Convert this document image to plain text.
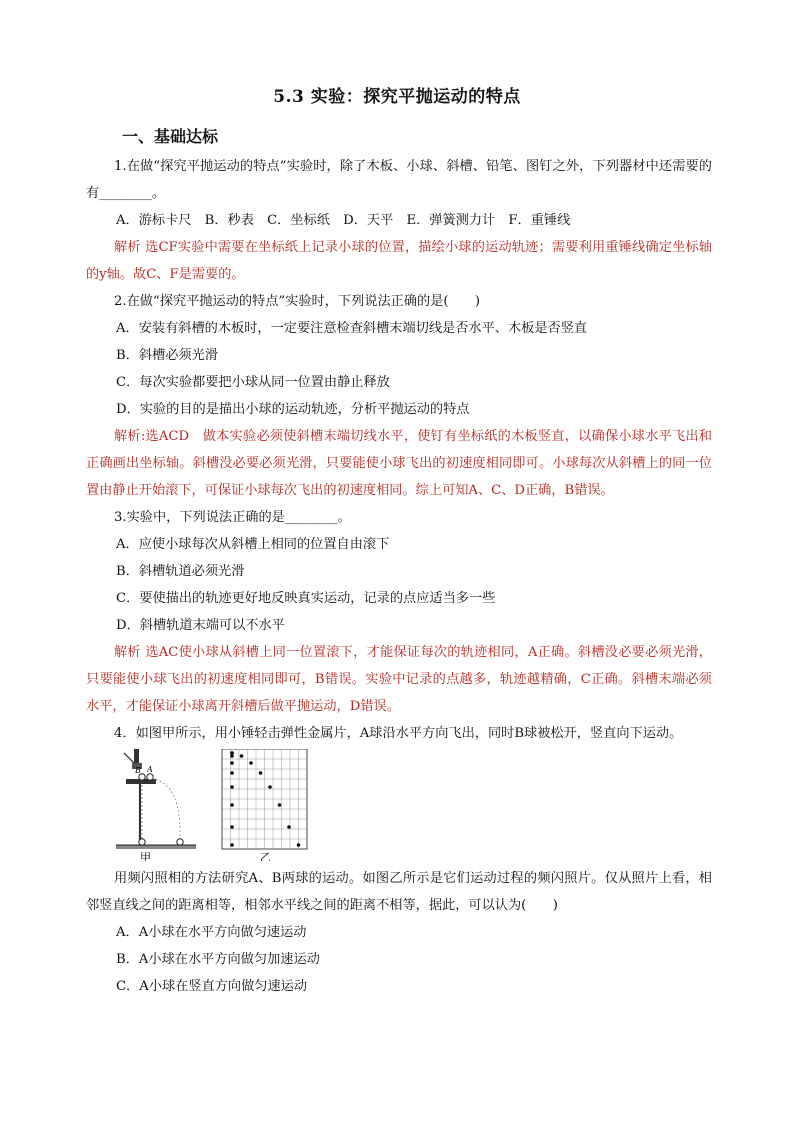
5.3 实验：探究平抛运动的特点
一、基础达标

1.在做“探究平抛运动的特点”实验时，除了木板、小球、斜槽、铅笔、图钉之外，下列器材中还需要的有________。

A．游标卡尺　B．秒表　C．坐标纸　D．天平　E．弹簧测力计　F．重锤线

解析 选CF实验中需要在坐标纸上记录小球的位置，描绘小球的运动轨迹；需要利用重锤线确定坐标轴的y轴。故C、F是需要的。

2.在做“探究平抛运动的特点”实验时，下列说法正确的是(　　)

A．安装有斜槽的木板时，一定要注意检查斜槽末端切线是否水平、木板是否竖直

B．斜槽必须光滑

C．每次实验都要把小球从同一位置由静止释放

D．实验的目的是描出小球的运动轨迹，分析平抛运动的特点

解析:选ACD　做本实验必须使斜槽末端切线水平，使钉有坐标纸的木板竖直，以确保小球水平飞出和正确画出坐标轴。斜槽没必要必须光滑，只要能使小球飞出的初速度相同即可。小球每次从斜槽上的同一位置由静止开始滚下，可保证小球每次飞出的初速度相同。综上可知A、C、D正确，B错误。

3.实验中，下列说法正确的是________。

A．应使小球每次从斜槽上相同的位置自由滚下

B．斜槽轨道必须光滑

C．要使描出的轨迹更好地反映真实运动，记录的点应适当多一些

D．斜槽轨道末端可以不水平

解析 选AC使小球从斜槽上同一位置滚下，才能保证每次的轨迹相同，A正确。斜槽没必要必须光滑，只要能使小球飞出的初速度相同即可，B错误。实验中记录的点越多，轨迹越精确，C正确。斜槽末端必须水平，才能保证小球离开斜槽后做平抛运动，D错误。

4．如图甲所示，用小锤轻击弹性金属片，A球沿水平方向飞出，同时B球被松开，竖直向下运动。

B A
甲	乙

用频闪照相的方法研究A、B两球的运动。如图乙所示是它们运动过程的频闪照片。仅从照片上看，相邻竖直线之间的距离相等，相邻水平线之间的距离不相等，据此，可以认为(　　)

A．A小球在水平方向做匀速运动

B．A小球在水平方向做匀加速运动

C．A小球在竖直方向做匀速运动
